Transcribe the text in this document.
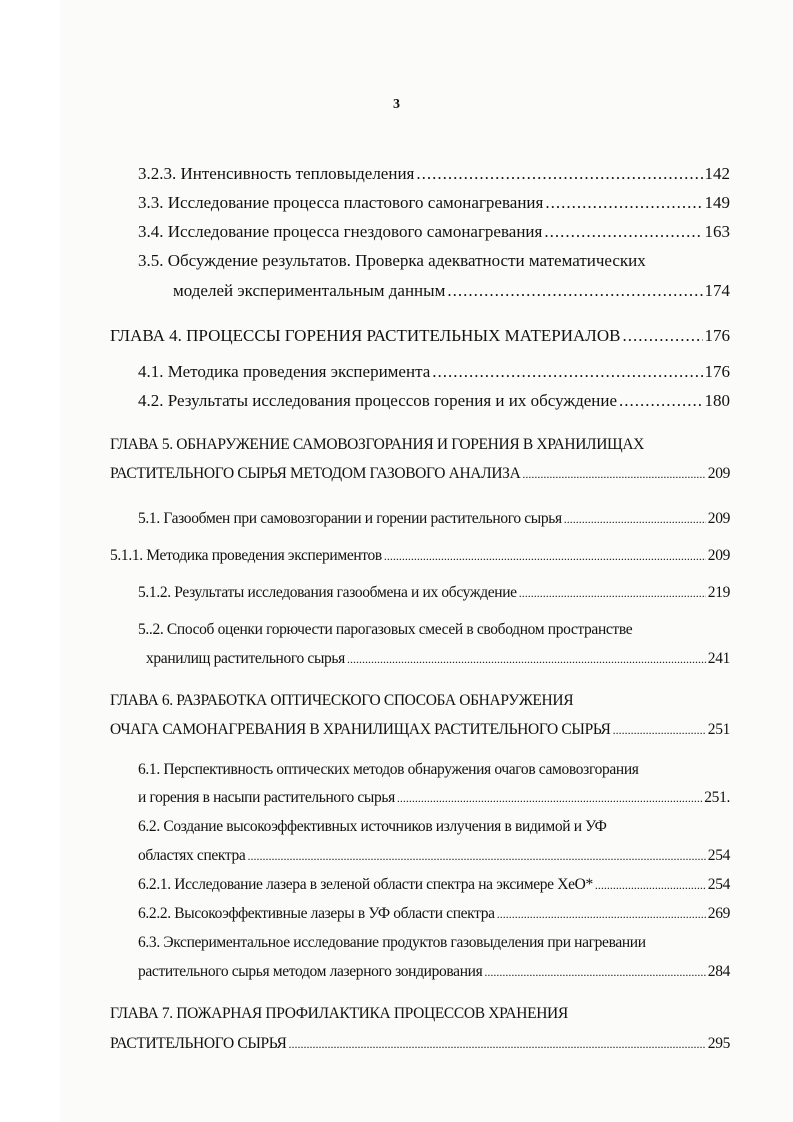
3
3.2.3. Интенсивность тепловыделения .....	142
3.3. Исследование процесса пластового самонагревания .....	149
3.4. Исследование процесса гнездового самонагревания .....	163
3.5. Обсуждение результатов. Проверка адекватности математических
моделей экспериментальным данным .....	174
ГЛАВА 4. ПРОЦЕССЫ ГОРЕНИЯ РАСТИТЕЛЬНЫХ МАТЕРИАЛОВ .....	176
4.1. Методика проведения эксперимента .....	176
4.2. Результаты исследования процессов горения и их обсуждение .....	180
ГЛАВА 5. ОБНАРУЖЕНИЕ САМОВОЗГОРАНИЯ И ГОРЕНИЯ В ХРАНИЛИЩАХ
РАСТИТЕЛЬНОГО СЫРЬЯ МЕТОДОМ ГАЗОВОГО АНАЛИЗА .....	209
5.1. Газообмен при самовозгорании и горении растительного сырья .....	209
5.1.1. Методика проведения экспериментов .....	209
5.1.2. Результаты исследования газообмена и их обсуждение .....	219
5..2. Способ оценки горючести парогазовых смесей в свободном пространстве
хранилищ растительного сырья .....	241
ГЛАВА 6. РАЗРАБОТКА ОПТИЧЕСКОГО СПОСОБА ОБНАРУЖЕНИЯ
ОЧАГА САМОНАГРЕВАНИЯ В ХРАНИЛИЩАХ РАСТИТЕЛЬНОГО СЫРЬЯ .....	251
6.1. Перспективность оптических методов обнаружения очагов самовозгорания
и горения в насыпи растительного сырья .....	251.
6.2. Создание высокоэффективных источников излучения в видимой и УФ
областях спектра .....	254
6.2.1. Исследование лазера в зеленой области спектра на эксимере XeO* .....	254
6.2.2. Высокоэффективные лазеры в УФ области спектра .....	269
6.3. Экспериментальное исследование продуктов газовыделения при нагревании
растительного сырья методом лазерного зондирования .....	284
ГЛАВА 7. ПОЖАРНАЯ ПРОФИЛАКТИКА ПРОЦЕССОВ ХРАНЕНИЯ
РАСТИТЕЛЬНОГО СЫРЬЯ .....	295
